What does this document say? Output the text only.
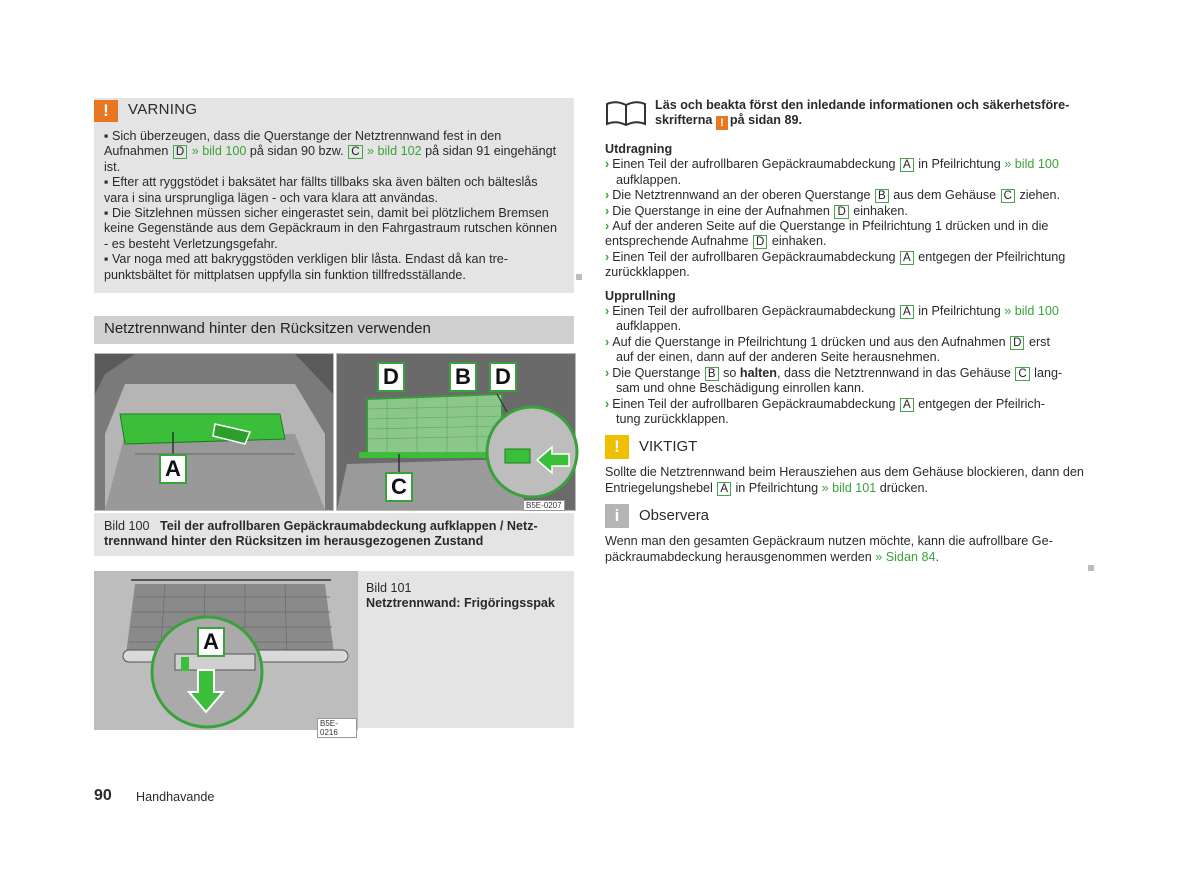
!	VARNING

▪ Sich überzeugen, dass die Querstange der Netztrennwand fest in den Aufnahmen D » bild 100 på sidan 90 bzw. C » bild 102 på sidan 91 eingehängt ist.

▪ Efter att ryggstödet i baksätet har fällts tillbaks ska även bälten och bälteslås vara i sina ursprungliga lägen - och vara klara att användas.

▪ Die Sitzlehnen müssen sicher eingerastet sein, damit bei plötzlichem Bremsen keine Gegenstände aus dem Gepäckraum in den Fahrgastraum rutschen können - es besteht Verletzungsgefahr.

▪ Var noga med att bakryggstöden verkligen blir låsta. Endast då kan trepunktsbältet för mittplatsen uppfylla sin funktion tillfredsställande.

Netztrennwand hinter den Rücksitzen verwenden
A
D	B D
C
B5E-0207
Bild 100 Teil der aufrollbaren Gepäckraumabdeckung aufklappen / Netztrennwand hinter den Rücksitzen im herausgezogenen Zustand
A
B5E-0216
Bild 101
Netztrennwand: Frigöringsspak
Läs och beakta först den inledande informationen och säkerhetsföre-
skrifterna ! på sidan 89.
Utdragning
› Einen Teil der aufrollbaren Gepäckraumabdeckung A in Pfeilrichtung » bild 100
aufklappen.
› Die Netztrennwand an der oberen Querstange B aus dem Gehäuse C ziehen.
› Die Querstange in eine der Aufnahmen D einhaken.
› Auf der anderen Seite auf die Querstange in Pfeilrichtung 1 drücken und in die entsprechende Aufnahme D einhaken.
› Einen Teil der aufrollbaren Gepäckraumabdeckung A entgegen der Pfeilrichtung zurückklappen.
Upprullning
› Einen Teil der aufrollbaren Gepäckraumabdeckung A in Pfeilrichtung » bild 100
aufklappen.
› Auf die Querstange in Pfeilrichtung 1 drücken und aus den Aufnahmen D erst
auf der einen, dann auf der anderen Seite herausnehmen.
› Die Querstange B so halten, dass die Netztrennwand in das Gehäuse C lang-
sam und ohne Beschädigung einrollen kann.
› Einen Teil der aufrollbaren Gepäckraumabdeckung A entgegen der Pfeilrich-
tung zurückklappen.
!	VIKTIGT
Sollte die Netztrennwand beim Herausziehen aus dem Gehäuse blockieren, dann den Entriegelungshebel A in Pfeilrichtung » bild 101 drücken.
i	Observera
Wenn man den gesamten Gepäckraum nutzen möchte, kann die aufrollbare Gepäckraumabdeckung herausgenommen werden » Sidan 84.
90 Handhavande
